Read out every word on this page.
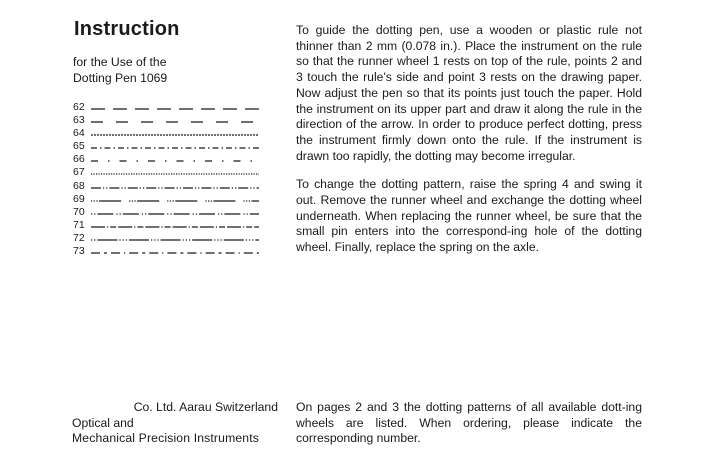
Instruction
for the Use of the
Dotting Pen 1069
62
63
64
65
66
67
68
69
70
71
72
73

To guide the dotting pen, use a wooden or plastic rule not thinner than 2 mm (0.078 in.). Place the instrument on the rule so that the runner wheel 1 rests on top of the rule, points 2 and 3 touch the rule's side and point 3 rests on the drawing paper. Now adjust the pen so that its points just touch the paper. Hold the instrument on its upper part and draw it along the rule in the direction of the arrow. In order to produce perfect dotting, press the instrument firmly down onto the rule. If the instrument is drawn too rapidly, the dotting may become irregular.

To change the dotting pattern, raise the spring 4 and swing it out. Remove the runner wheel and exchange the dotting wheel underneath. When replacing the runner wheel, be sure that the small pin enters into the correspond-ing hole of the dotting wheel. Finally, replace the spring on the axle.

Co. Ltd. Aarau Switzerland
Optical and
Mechanical Precision Instruments
On pages 2 and 3 the dotting patterns of all available dott-ing wheels are listed. When ordering, please indicate the corresponding number.
